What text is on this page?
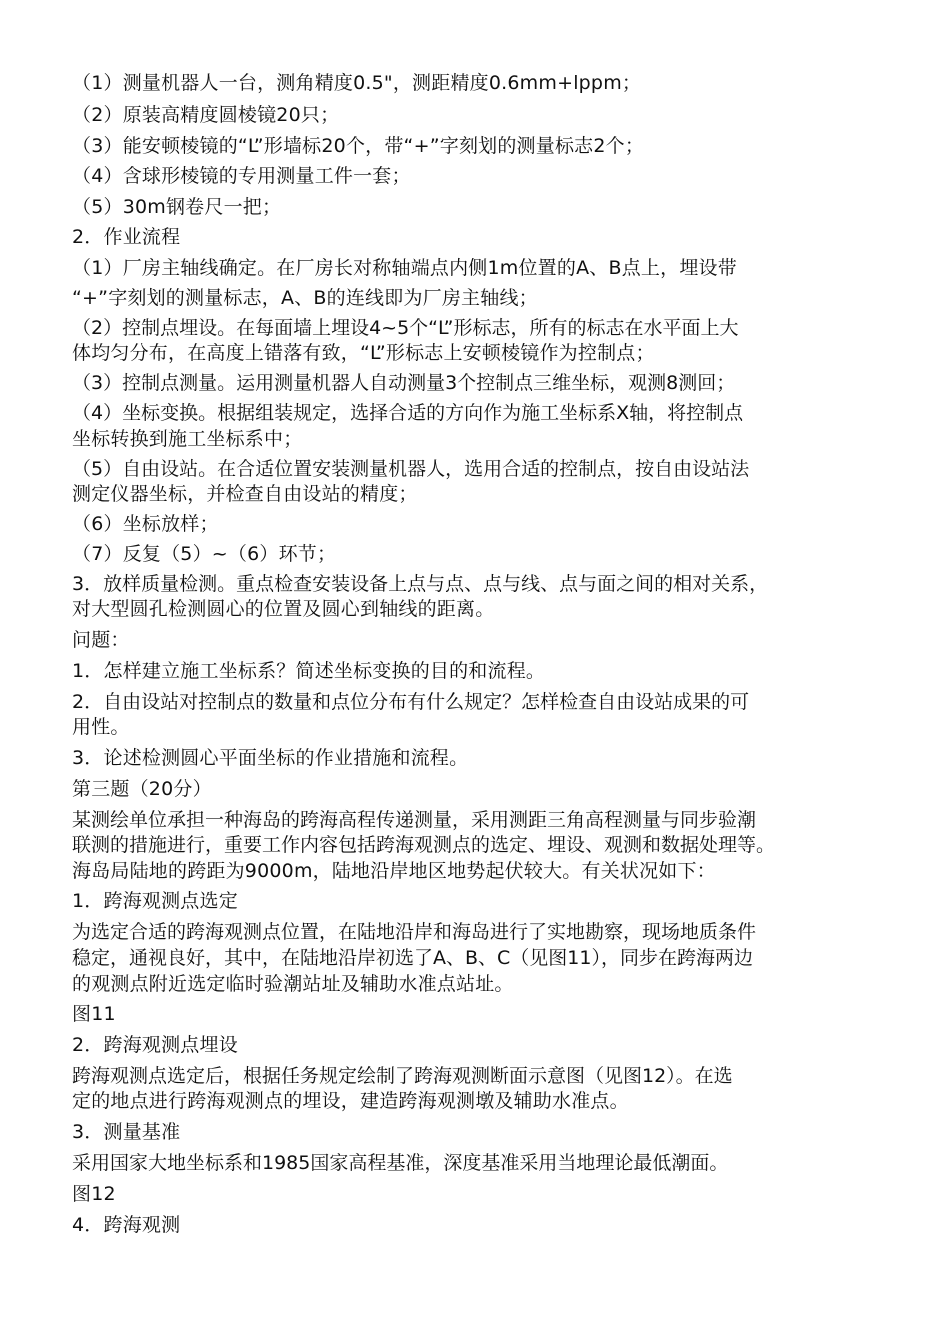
（1）测量机器人一台，测角精度0.5"，测距精度0.6mm+lppm；
（2）原装高精度圆棱镜20只；
（3）能安顿棱镜的“L”形墙标20个，带“+”字刻划的测量标志2个；
（4）含球形棱镜的专用测量工件一套；
（5）30m钢卷尺一把；
2．作业流程
（1）厂房主轴线确定。在厂房长对称轴端点内侧1m位置的A、B点上，埋设带
“+”字刻划的测量标志，A、B的连线即为厂房主轴线；
（2）控制点埋设。在每面墙上埋设4~5个“L”形标志，所有的标志在水平面上大
体均匀分布，在高度上错落有致，“L”形标志上安顿棱镜作为控制点；
（3）控制点测量。运用测量机器人自动测量3个控制点三维坐标，观测8测回；
（4）坐标变换。根据组装规定，选择合适的方向作为施工坐标系X轴，将控制点
坐标转换到施工坐标系中；
（5）自由设站。在合适位置安装测量机器人，选用合适的控制点，按自由设站法
测定仪器坐标，并检查自由设站的精度；
（6）坐标放样；
（7）反复（5）~（6）环节；
3．放样质量检测。重点检查安装设备上点与点、点与线、点与面之间的相对关系，
对大型圆孔检测圆心的位置及圆心到轴线的距离。
问题：
1．怎样建立施工坐标系？简述坐标变换的目的和流程。
2．自由设站对控制点的数量和点位分布有什么规定？怎样检查自由设站成果的可
用性。
3．论述检测圆心平面坐标的作业措施和流程。
第三题（20分）
某测绘单位承担一种海岛的跨海高程传递测量，采用测距三角高程测量与同步验潮
联测的措施进行，重要工作内容包括跨海观测点的选定、埋设、观测和数据处理等。
海岛局陆地的跨距为9000m，陆地沿岸地区地势起伏较大。有关状况如下：
1．跨海观测点选定
为选定合适的跨海观测点位置，在陆地沿岸和海岛进行了实地勘察，现场地质条件
稳定，通视良好，其中，在陆地沿岸初选了A、B、C（见图11），同步在跨海两边
的观测点附近选定临时验潮站址及辅助水准点站址。
图11
2．跨海观测点埋设
跨海观测点选定后，根据任务规定绘制了跨海观测断面示意图（见图12）。在选
定的地点进行跨海观测点的埋设，建造跨海观测墩及辅助水准点。
3．测量基准
采用国家大地坐标系和1985国家高程基准，深度基准采用当地理论最低潮面。
图12
4．跨海观测
